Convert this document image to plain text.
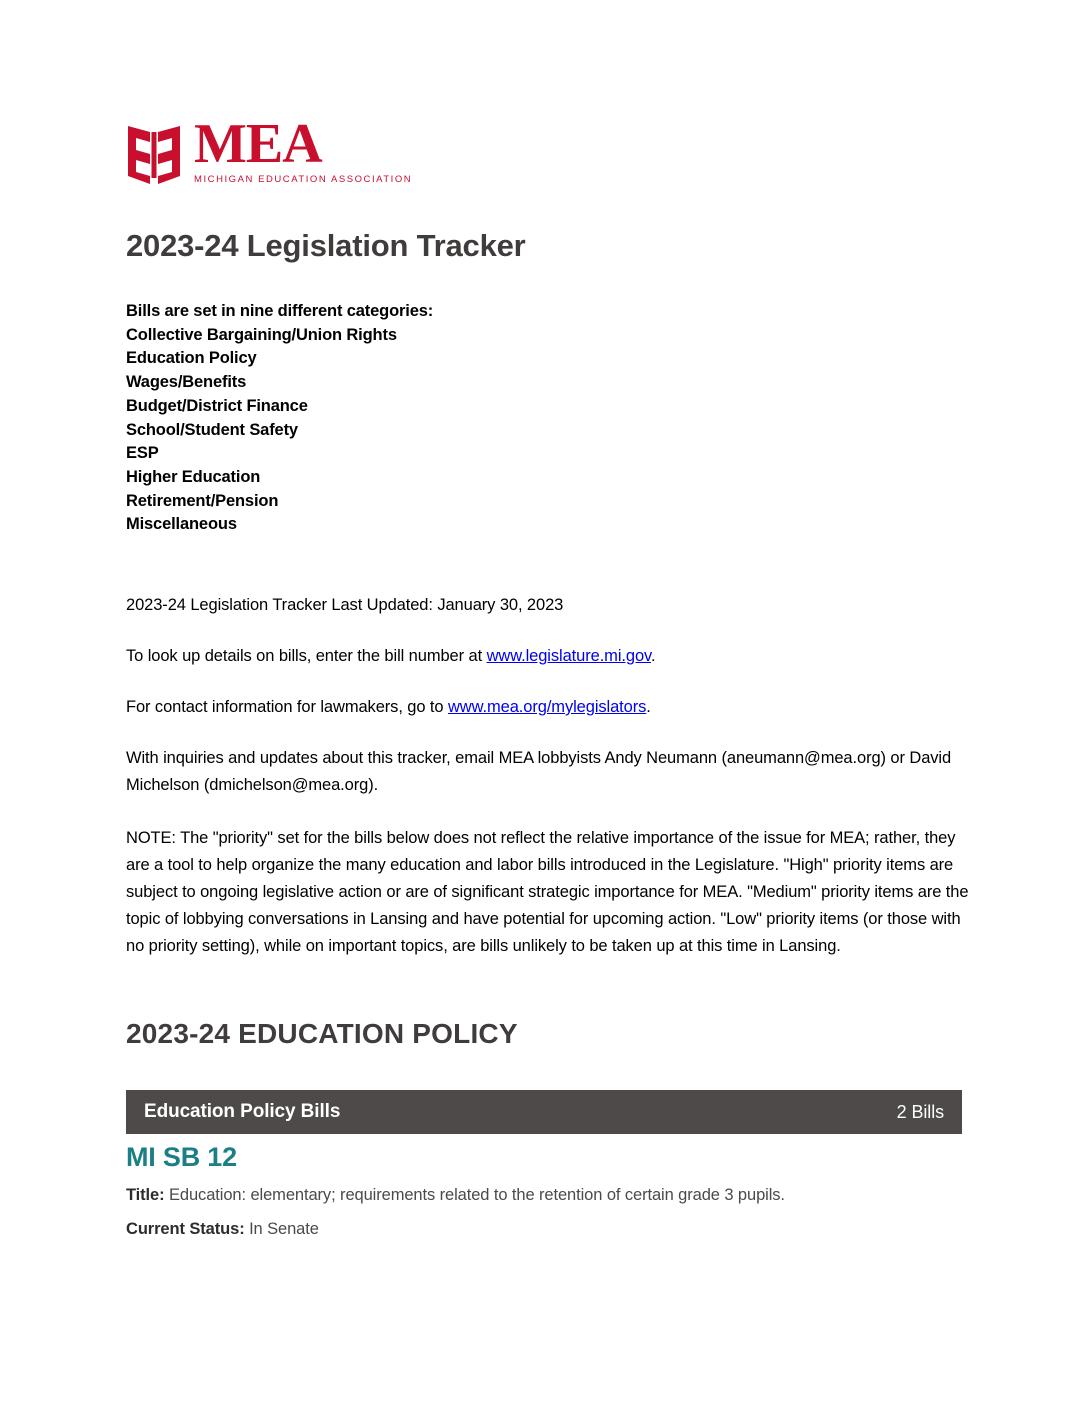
MEA
MICHIGAN EDUCATION ASSOCIATION
2023-24 Legislation Tracker
Bills are set in nine different categories:
Collective Bargaining/Union Rights
Education Policy
Wages/Benefits
Budget/District Finance
School/Student Safety
ESP
Higher Education
Retirement/Pension
Miscellaneous

2023-24 Legislation Tracker Last Updated: January 30, 2023

To look up details on bills, enter the bill number at www.legislature.mi.gov.

For contact information for lawmakers, go to www.mea.org/mylegislators.

With inquiries and updates about this tracker, email MEA lobbyists Andy Neumann (aneumann@mea.org) or David Michelson (dmichelson@mea.org).

NOTE: The "priority" set for the bills below does not reflect the relative importance of the issue for MEA; rather, they are a tool to help organize the many education and labor bills introduced in the Legislature. "High" priority items are subject to ongoing legislative action or are of significant strategic importance for MEA. "Medium" priority items are the topic of lobbying conversations in Lansing and have potential for upcoming action. "Low" priority items (or those with no priority setting), while on important topics, are bills unlikely to be taken up at this time in Lansing.

2023-24 EDUCATION POLICY
Education Policy Bills	2 Bills
MI SB 12
Title: Education: elementary; requirements related to the retention of certain grade 3 pupils.
Current Status: In Senate
